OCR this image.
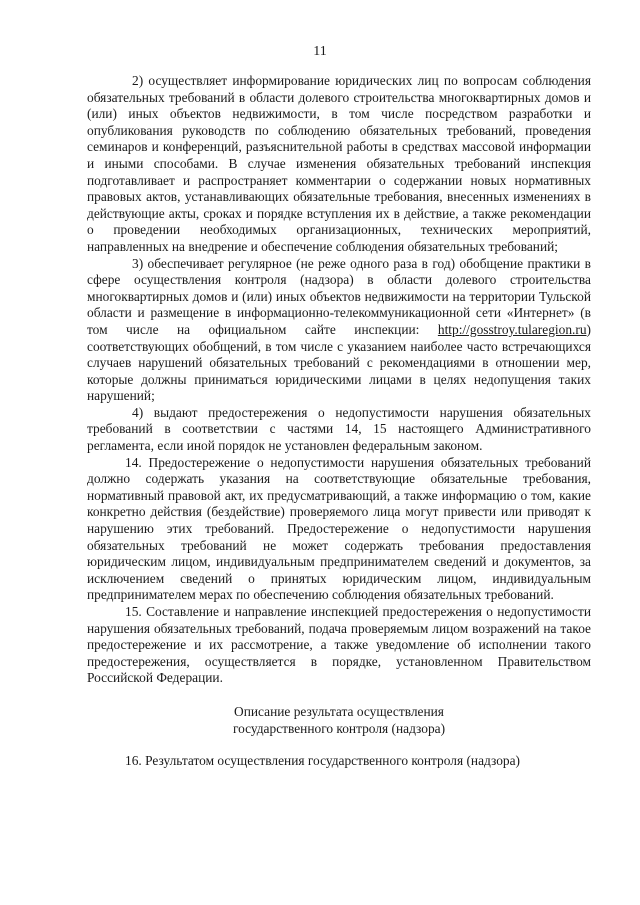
11

2) осуществляет информирование юридических лиц по вопросам соблюдения обязательных требований в области долевого строительства многоквартирных домов и (или) иных объектов недвижимости, в том числе посредством разработки и опубликования руководств по соблюдению обязательных требований, проведения семинаров и конференций, разъяснительной работы в средствах массовой информации и иными способами. В случае изменения обязательных требований инспекция подготавливает и распространяет комментарии о содержании новых нормативных правовых актов, устанавливающих обязательные требования, внесенных изменениях в действующие акты, сроках и порядке вступления их в действие, а также рекомендации о проведении необходимых организационных, технических мероприятий, направленных на внедрение и обеспечение соблюдения обязательных требований;

3) обеспечивает регулярное (не реже одного раза в год) обобщение практики в сфере осуществления контроля (надзора) в области долевого строительства многоквартирных домов и (или) иных объектов недвижимости на территории Тульской области и размещение в информационно-телекоммуникационной сети «Интернет» (в том числе на официальном сайте инспекции: http://gosstroy.tularegion.ru) соответствующих обобщений, в том числе с указанием наиболее часто встречающихся случаев нарушений обязательных требований с рекомендациями в отношении мер, которые должны приниматься юридическими лицами в целях недопущения таких нарушений;

4) выдают предостережения о недопустимости нарушения обязательных требований в соответствии с частями 14, 15 настоящего Административного регламента, если иной порядок не установлен федеральным законом.

14. Предостережение о недопустимости нарушения обязательных требований должно содержать указания на соответствующие обязательные требования, нормативный правовой акт, их предусматривающий, а также информацию о том, какие конкретно действия (бездействие) проверяемого лица могут привести или приводят к нарушению этих требований. Предостережение о недопустимости нарушения обязательных требований не может содержать требования предоставления юридическим лицом, индивидуальным предпринимателем сведений и документов, за исключением сведений о принятых юридическим лицом, индивидуальным предпринимателем мерах по обеспечению соблюдения обязательных требований.

15. Составление и направление инспекцией предостережения о недопустимости нарушения обязательных требований, подача проверяемым лицом возражений на такое предостережение и их рассмотрение, а также уведомление об исполнении такого предостережения, осуществляется в порядке, установленном Правительством Российской Федерации.

Описание результата осуществления
государственного контроля (надзора)

16. Результатом осуществления государственного контроля (надзора)
